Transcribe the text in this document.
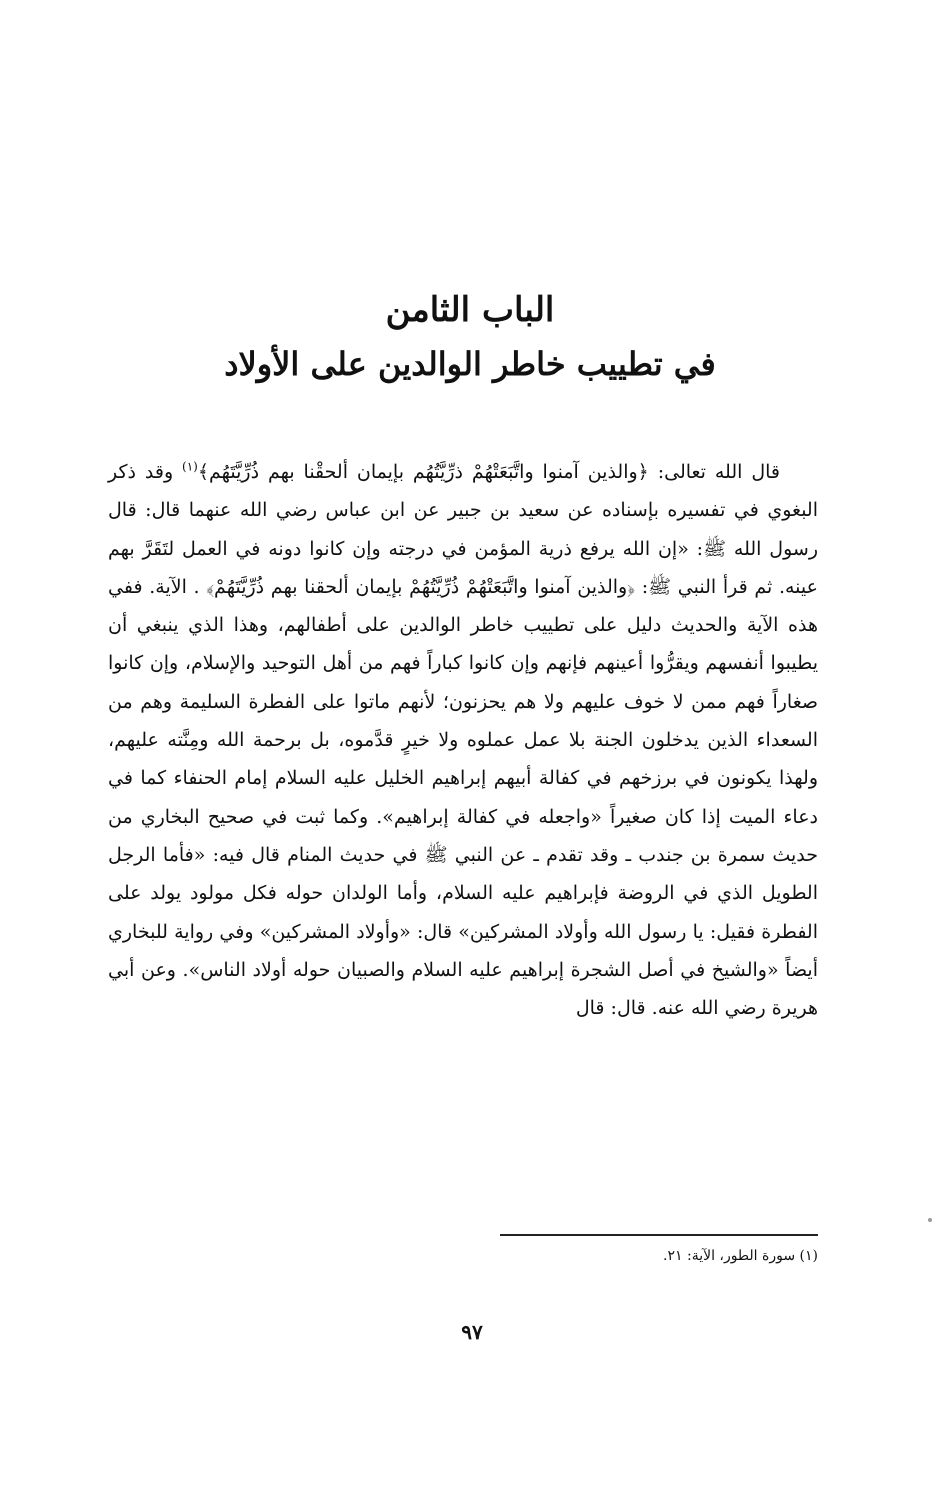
الباب الثامن
في تطييب خاطر الوالدين على الأولاد

قال الله تعالى: ﴿والذين آمنوا واتَّبَعَتْهُمْ ذرِّيَّتُهُم بإيمان ألحقْنا بهم ذُرِّيَّتَهُم﴾$^{(١)}$ وقد ذكر البغوي في تفسيره بإسناده عن سعيد بن جبير عن ابن عباس رضي الله عنهما قال: قال رسول الله ﷺ: «إن الله يرفع ذرية المؤمن في درجته وإن كانوا دونه في العمل لتَقَرَّ بهم عينه. ثم قرأ النبي ﷺ: ﴿والذين آمنوا واتَّبَعَتْهُمْ ذُرِّيَّتُهُمْ بإيمان ألحقنا بهم ذُرِّيَّتَهُمْ﴾ . الآية. ففي هذه الآية والحديث دليل على تطييب خاطر الوالدين على أطفالهم، وهذا الذي ينبغي أن يطيبوا أنفسهم ويقرُّوا أعينهم فإنهم وإن كانوا كباراً فهم من أهل التوحيد والإسلام، وإن كانوا صغاراً فهم ممن لا خوف عليهم ولا هم يحزنون؛ لأنهم ماتوا على الفطرة السليمة وهم من السعداء الذين يدخلون الجنة بلا عمل عملوه ولا خيرٍ قدَّموه، بل برحمة الله ومِنَّته عليهم، ولهذا يكونون في برزخهم في كفالة أبيهم إبراهيم الخليل عليه السلام إمام الحنفاء كما في دعاء الميت إذا كان صغيراً «واجعله في كفالة إبراهيم». وكما ثبت في صحيح البخاري من حديث سمرة بن جندب ـ وقد تقدم ـ عن النبي ﷺ في حديث المنام قال فيه: «فأما الرجل الطويل الذي في الروضة فإبراهيم عليه السلام، وأما الولدان حوله فكل مولود يولد على الفطرة فقيل: يا رسول الله وأولاد المشركين» قال: «وأولاد المشركين» وفي رواية للبخاري أيضاً «والشيخ في أصل الشجرة إبراهيم عليه السلام والصبيان حوله أولاد الناس». وعن أبي هريرة رضي الله عنه. قال: قال

(١) سورة الطور، الآية: ٢١.
٩٧
